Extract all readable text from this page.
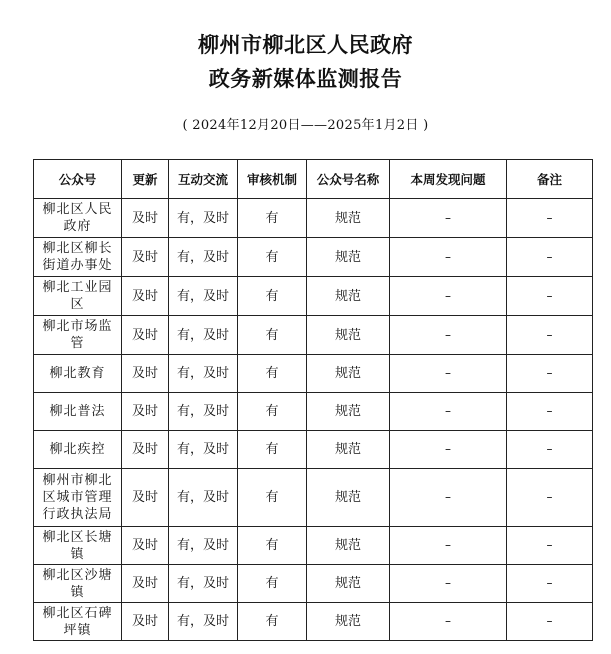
柳州市柳北区人民政府
政务新媒体监测报告
( 2024年12月20日——2025年1月2日 )
公众号	更新	互动交流	审核机制	公众号名称	本周发现问题	备注
柳北区人民政府	及时	有，及时	有	规范	–	–
柳北区柳长街道办事处	及时	有，及时	有	规范	–	–
柳北工业园区	及时	有，及时	有	规范	–	–
柳北市场监管	及时	有，及时	有	规范	–	–
柳北教育	及时	有，及时	有	规范	–	–
柳北普法	及时	有，及时	有	规范	–	–
柳北疾控	及时	有，及时	有	规范	–	–
柳州市柳北区城市管理行政执法局	及时	有，及时	有	规范	–	–
柳北区长塘镇	及时	有，及时	有	规范	–	–
柳北区沙塘镇	及时	有，及时	有	规范	–	–
柳北区石碑坪镇	及时	有，及时	有	规范	–	–
